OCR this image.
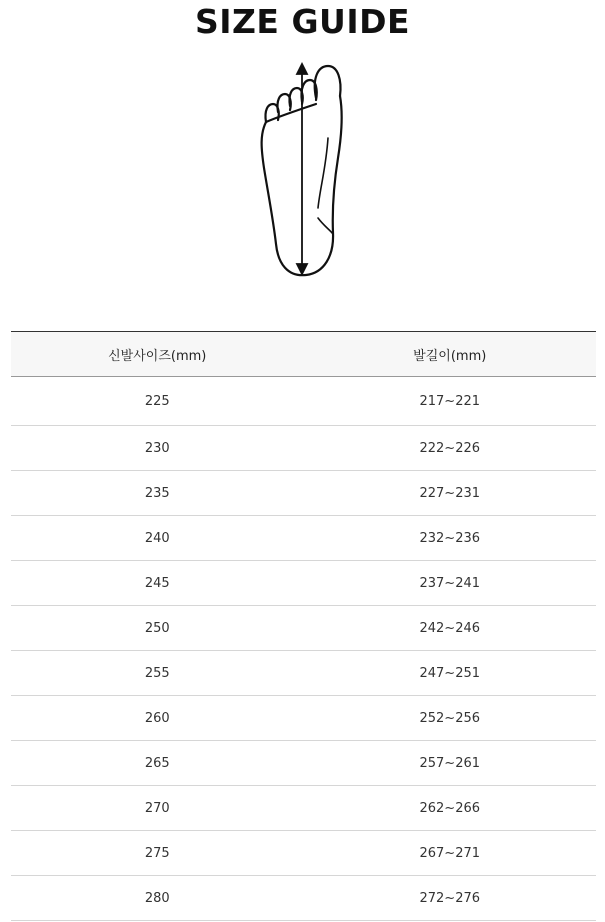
SIZE GUIDE
신발사이즈(mm)	발길이(mm)
225	217~221
230	222~226
235	227~231
240	232~236
245	237~241
250	242~246
255	247~251
260	252~256
265	257~261
270	262~266
275	267~271
280	272~276
